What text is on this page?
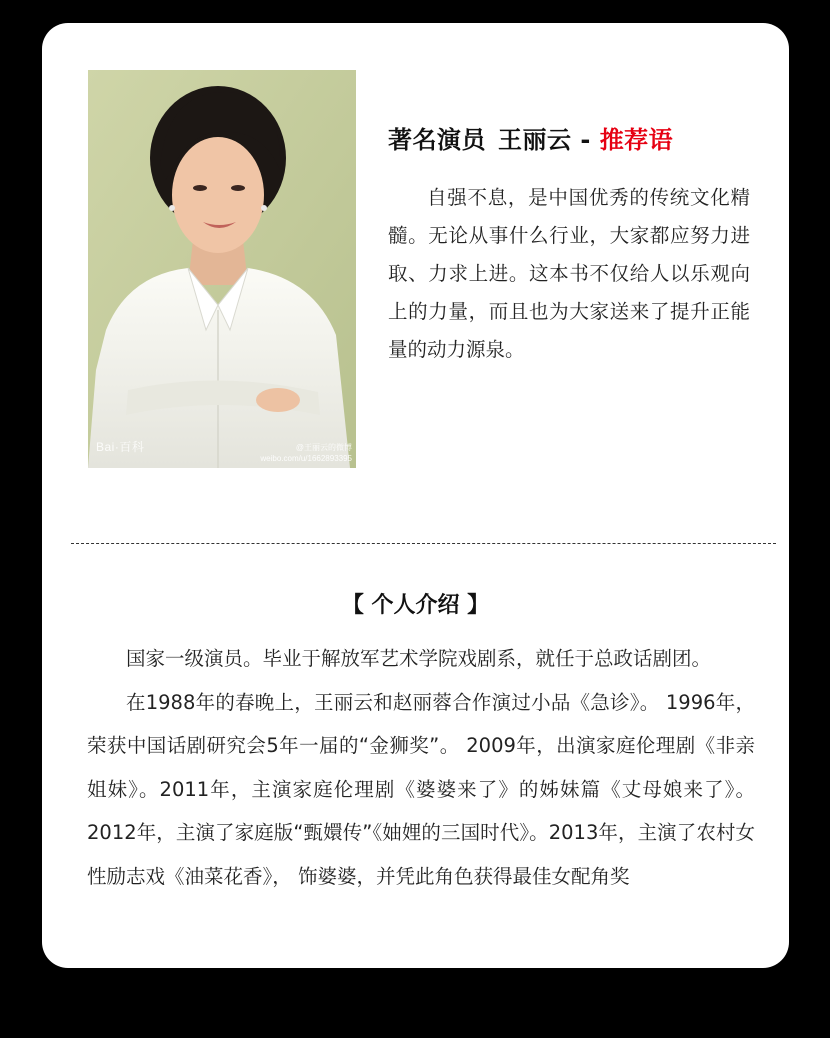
Bai·百科	@王丽云的微博
weibo.com/u/1662893395
著名演员 王丽云 - 推荐语

自强不息，是中国优秀的传统文化精髓。无论从事什么行业，大家都应努力进取、力求上进。这本书不仅给人以乐观向上的力量，而且也为大家送来了提升正能量的动力源泉。

【 个人介绍 】

国家一级演员。毕业于解放军艺术学院戏剧系，就任于总政话剧团。

在1988年的春晚上，王丽云和赵丽蓉合作演过小品《急诊》。 1996年，荣获中国话剧研究会5年一届的“金狮奖”。 2009年，出演家庭伦理剧《非亲姐妹》。2011年，主演家庭伦理剧《婆婆来了》的姊妹篇《丈母娘来了》。2012年，主演了家庭版“甄嬛传”《妯娌的三国时代》。2013年，主演了农村女性励志戏《油菜花香》， 饰婆婆，并凭此角色获得最佳女配角奖
